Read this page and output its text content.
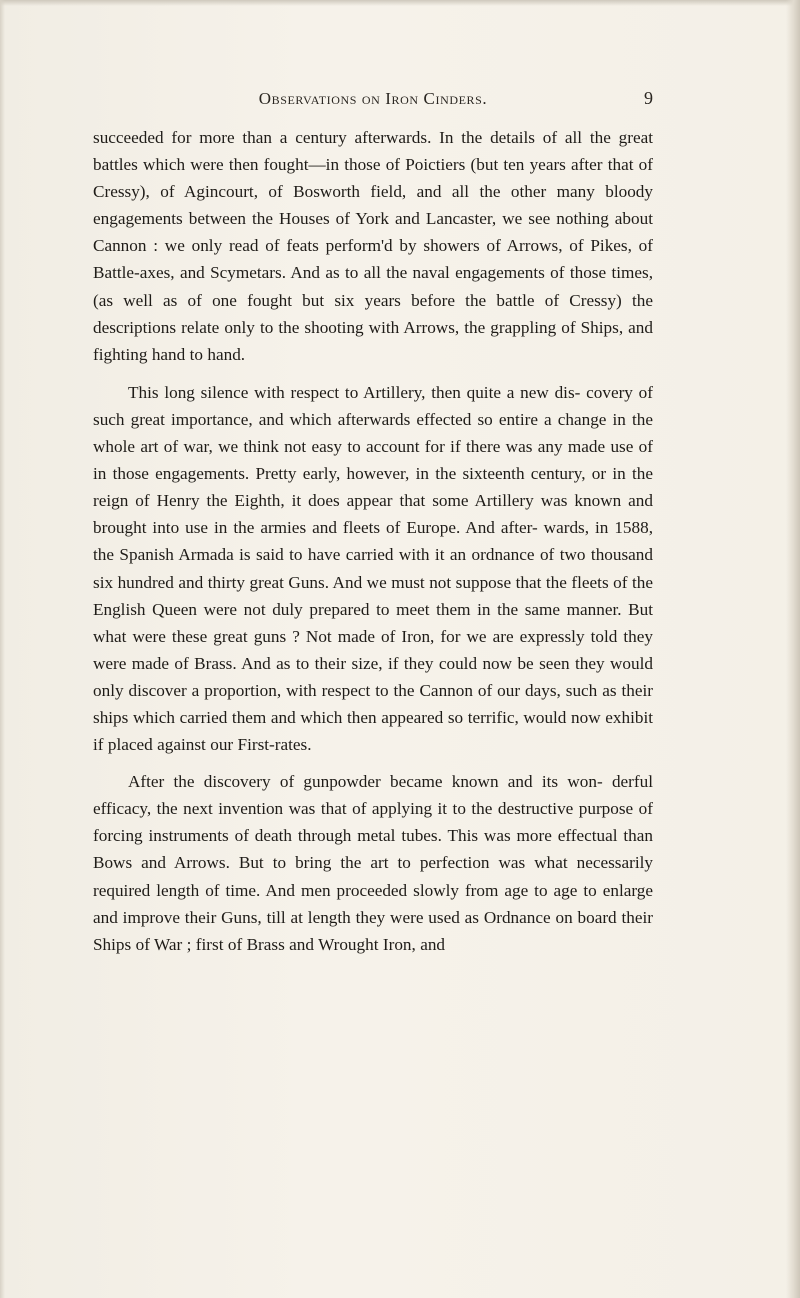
Observations on Iron Cinders.	9

succeeded for more than a century afterwards. In the details of all the great battles which were then fought—in those of Poictiers (but ten years after that of Cressy), of Agincourt, of Bosworth field, and all the other many bloody engagements between the Houses of York and Lancaster, we see nothing about Cannon : we only read of feats perform'd by showers of Arrows, of Pikes, of Battle-axes, and Scymetars. And as to all the naval engagements of those times, (as well as of one fought but six years before the battle of Cressy) the descriptions relate only to the shooting with Arrows, the grappling of Ships, and fighting hand to hand.

This long silence with respect to Artillery, then quite a new dis- covery of such great importance, and which afterwards effected so entire a change in the whole art of war, we think not easy to account for if there was any made use of in those engagements. Pretty early, however, in the sixteenth century, or in the reign of Henry the Eighth, it does appear that some Artillery was known and brought into use in the armies and fleets of Europe. And after- wards, in 1588, the Spanish Armada is said to have carried with it an ordnance of two thousand six hundred and thirty great Guns. And we must not suppose that the fleets of the English Queen were not duly prepared to meet them in the same manner. But what were these great guns ? Not made of Iron, for we are expressly told they were made of Brass. And as to their size, if they could now be seen they would only discover a proportion, with respect to the Cannon of our days, such as their ships which carried them and which then appeared so terrific, would now exhibit if placed against our First-rates.

After the discovery of gunpowder became known and its won- derful efficacy, the next invention was that of applying it to the destructive purpose of forcing instruments of death through metal tubes. This was more effectual than Bows and Arrows. But to bring the art to perfection was what necessarily required length of time. And men proceeded slowly from age to age to enlarge and improve their Guns, till at length they were used as Ordnance on board their Ships of War ; first of Brass and Wrought Iron, and
